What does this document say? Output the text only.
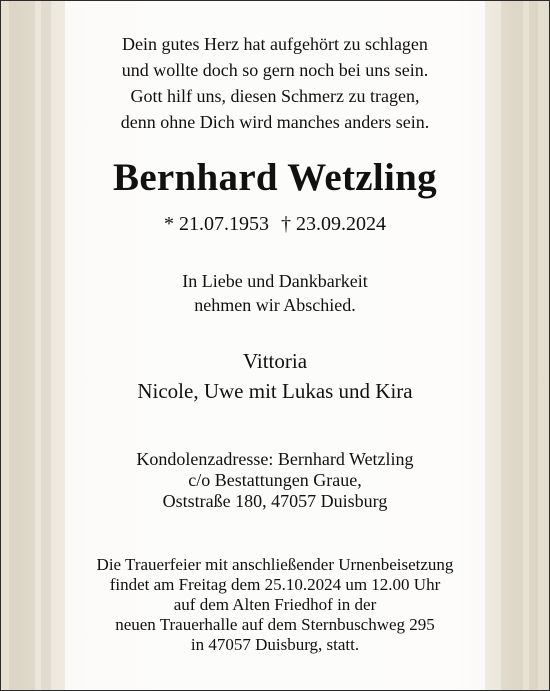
Dein gutes Herz hat aufgehört zu schlagen
und wollte doch so gern noch bei uns sein.
Gott hilf uns, diesen Schmerz zu tragen,
denn ohne Dich wird manches anders sein.
Bernhard Wetzling
* 21.07.1953 † 23.09.2024
In Liebe und Dankbarkeit
nehmen wir Abschied.
Vittoria
Nicole, Uwe mit Lukas und Kira
Kondolenzadresse: Bernhard Wetzling
c/o Bestattungen Graue,
Oststraße 180, 47057 Duisburg
Die Trauerfeier mit anschließender Urnenbeisetzung
findet am Freitag dem 25.10.2024 um 12.00 Uhr
auf dem Alten Friedhof in der
neuen Trauerhalle auf dem Sternbuschweg 295
in 47057 Duisburg, statt.
